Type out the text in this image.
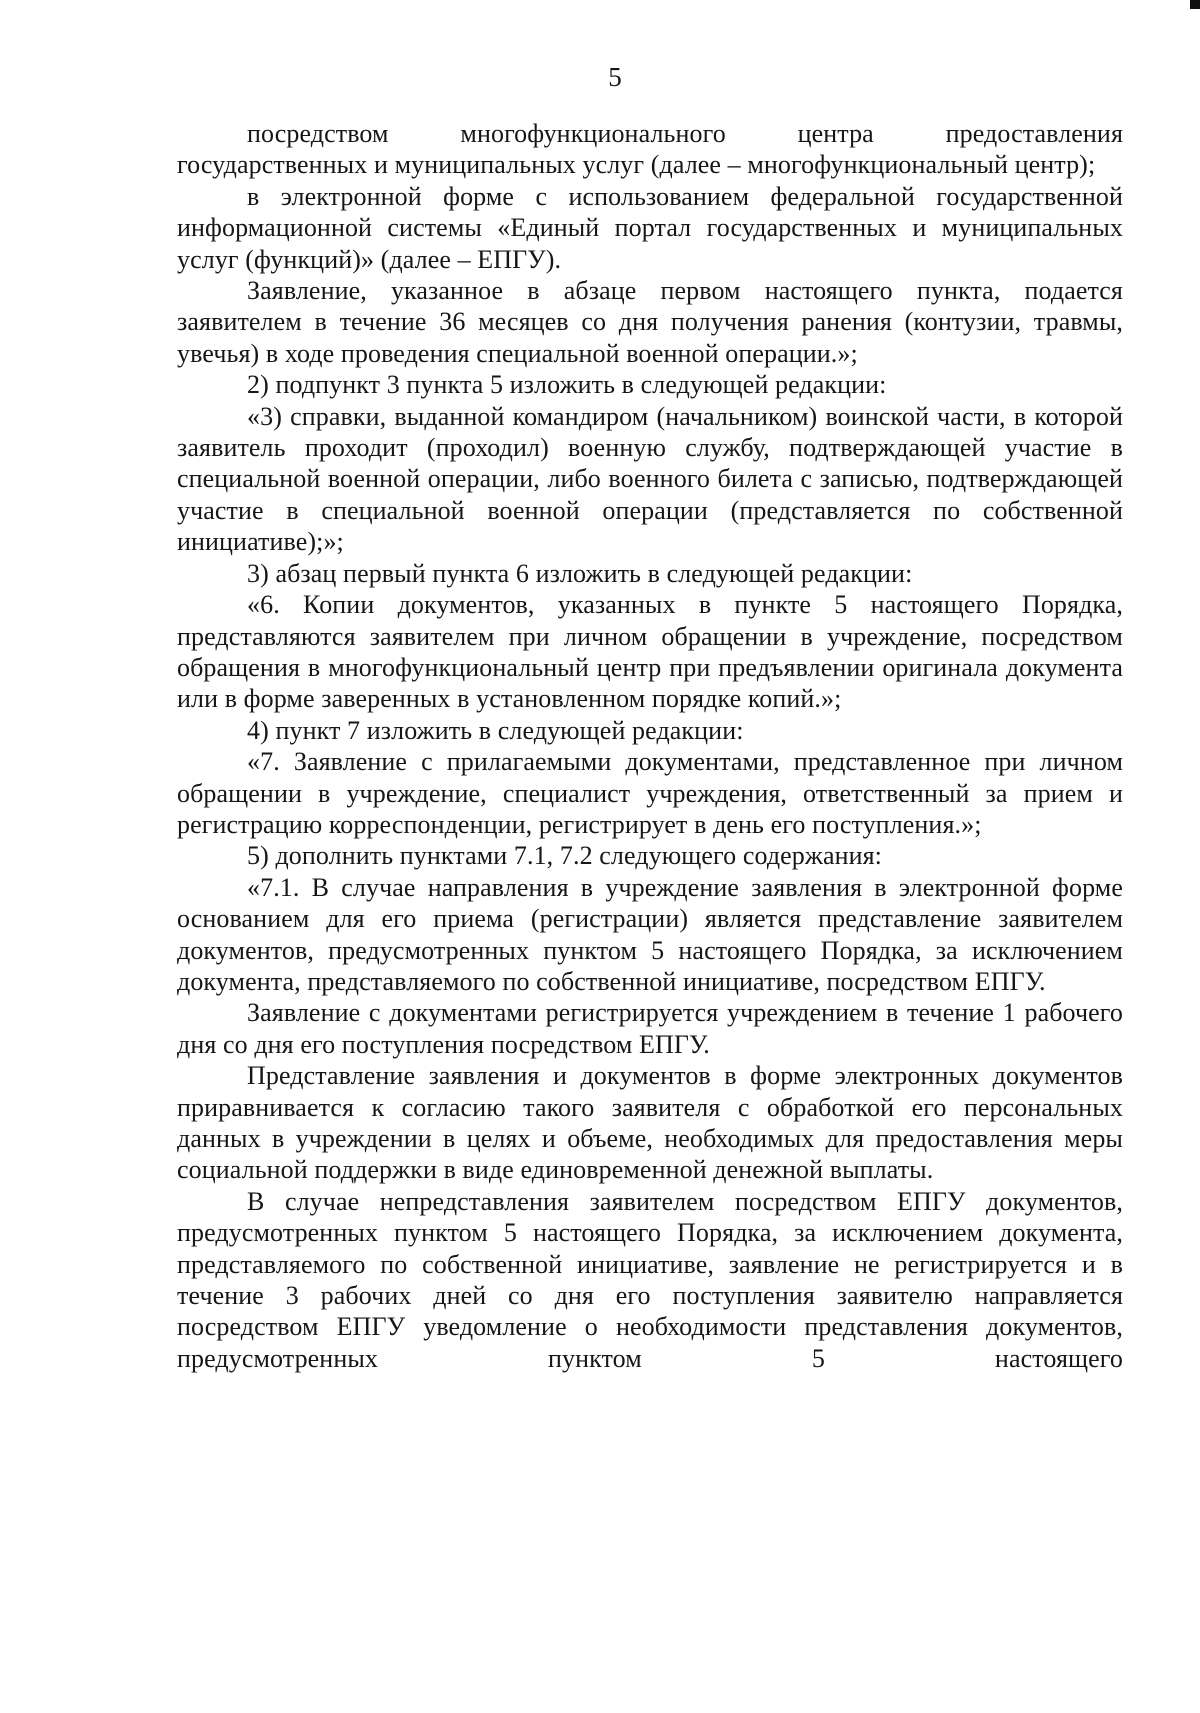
5

посредством многофункционального центра предоставления государственных и муниципальных услуг (далее – многофункциональный центр);

в электронной форме с использованием федеральной государственной информационной системы «Единый портал государственных и муниципальных услуг (функций)» (далее – ЕПГУ).

Заявление, указанное в абзаце первом настоящего пункта, подается заявителем в течение 36 месяцев со дня получения ранения (контузии, травмы, увечья) в ходе проведения специальной военной операции.»;

2) подпункт 3 пункта 5 изложить в следующей редакции:

«3) справки, выданной командиром (начальником) воинской части, в которой заявитель проходит (проходил) военную службу, подтверждающей участие в специальной военной операции, либо военного билета с записью, подтверждающей участие в специальной военной операции (представляется по собственной инициативе);»;

3) абзац первый пункта 6 изложить в следующей редакции:

«6. Копии документов, указанных в пункте 5 настоящего Порядка, представляются заявителем при личном обращении в учреждение, посредством обращения в многофункциональный центр при предъявлении оригинала документа или в форме заверенных в установленном порядке копий.»;

4) пункт 7 изложить в следующей редакции:

«7. Заявление с прилагаемыми документами, представленное при личном обращении в учреждение, специалист учреждения, ответственный за прием и регистрацию корреспонденции, регистрирует в день его поступления.»;

5) дополнить пунктами 7.1, 7.2 следующего содержания:

«7.1. В случае направления в учреждение заявления в электронной форме основанием для его приема (регистрации) является представление заявителем документов, предусмотренных пунктом 5 настоящего Порядка, за исключением документа, представляемого по собственной инициативе, посредством ЕПГУ.

Заявление с документами регистрируется учреждением в течение 1 рабочего дня со дня его поступления посредством ЕПГУ.

Представление заявления и документов в форме электронных документов приравнивается к согласию такого заявителя с обработкой его персональных данных в учреждении в целях и объеме, необходимых для предоставления меры социальной поддержки в виде единовременной денежной выплаты.

В случае непредставления заявителем посредством ЕПГУ документов, предусмотренных пунктом 5 настоящего Порядка, за исключением документа, представляемого по собственной инициативе, заявление не регистрируется и в течение 3 рабочих дней со дня его поступления заявителю направляется посредством ЕПГУ уведомление о необходимости представления документов, предусмотренных пунктом 5 настоящего
